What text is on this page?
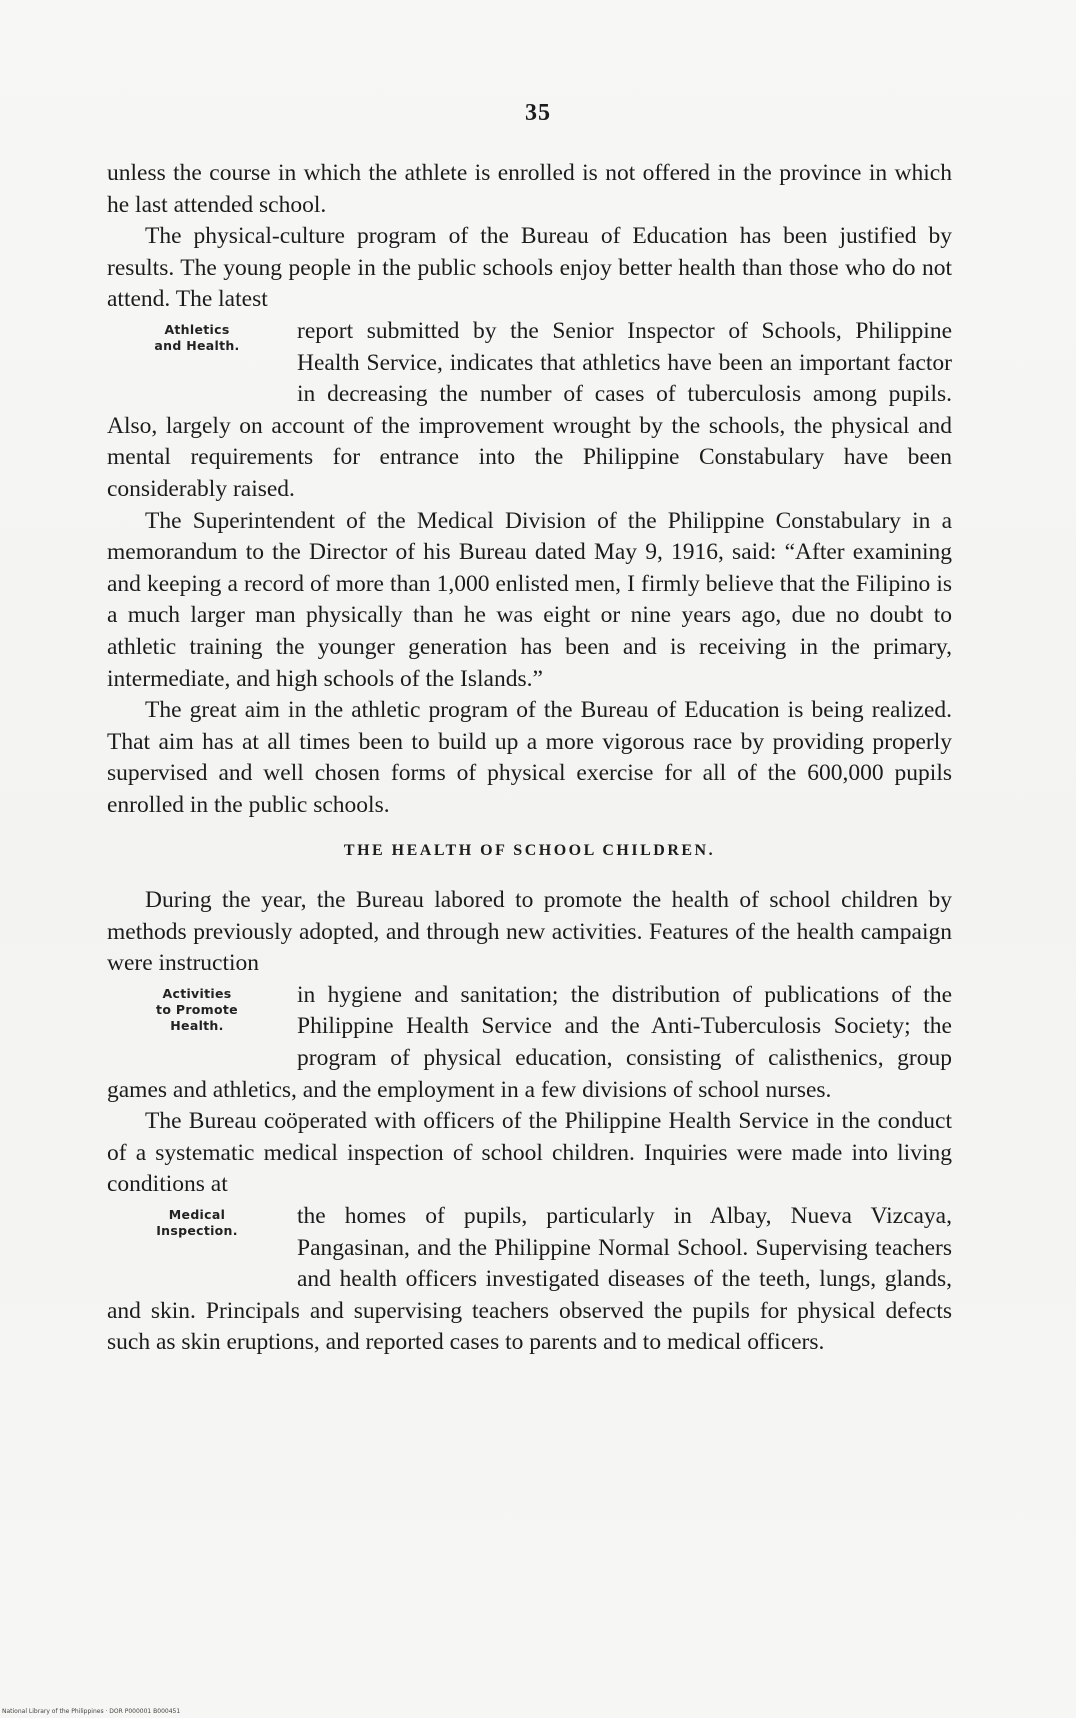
35

unless the course in which the athlete is enrolled is not offered in the province in which he last attended school.

The physical-culture program of the Bureau of Education has been justified by results. The young people in the public schools enjoy better health than those who do not attend. The latest

Athletics
and Health.

report submitted by the Senior Inspector of Schools, Philippine Health Service, indicates that athletics have been an important factor in decreasing the number of cases of tuberculosis among pupils. Also, largely on account of the improvement wrought by the schools, the physical and mental requirements for entrance into the Philippine Constabulary have been considerably raised.

The Superintendent of the Medical Division of the Philippine Constabulary in a memorandum to the Director of his Bureau dated May 9, 1916, said: “After examining and keeping a record of more than 1,000 enlisted men, I firmly believe that the Filipino is a much larger man physically than he was eight or nine years ago, due no doubt to athletic training the younger generation has been and is receiving in the primary, intermediate, and high schools of the Islands.”

The great aim in the athletic program of the Bureau of Education is being realized. That aim has at all times been to build up a more vigorous race by providing properly supervised and well chosen forms of physical exercise for all of the 600,000 pupils enrolled in the public schools.

THE HEALTH OF SCHOOL CHILDREN.

During the year, the Bureau labored to promote the health of school children by methods previously adopted, and through new activities. Features of the health campaign were instruction

Activities
to Promote
Health.

in hygiene and sanitation; the distribution of publications of the Philippine Health Service and the Anti-Tuberculosis Society; the program of physical education, consisting of calisthenics, group games and athletics, and the employment in a few divisions of school nurses.

The Bureau coöperated with officers of the Philippine Health Service in the conduct of a systematic medical inspection of school children. Inquiries were made into living conditions at

Medical
Inspection.

the homes of pupils, particularly in Albay, Nueva Vizcaya, Pangasinan, and the Philippine Normal School. Supervising teachers and health officers investigated diseases of the teeth, lungs, glands, and skin. Principals and supervising teachers observed the pupils for physical defects such as skin eruptions, and reported cases to parents and to medical officers.

National Library of the Philippines · DOR P000001 B000451
